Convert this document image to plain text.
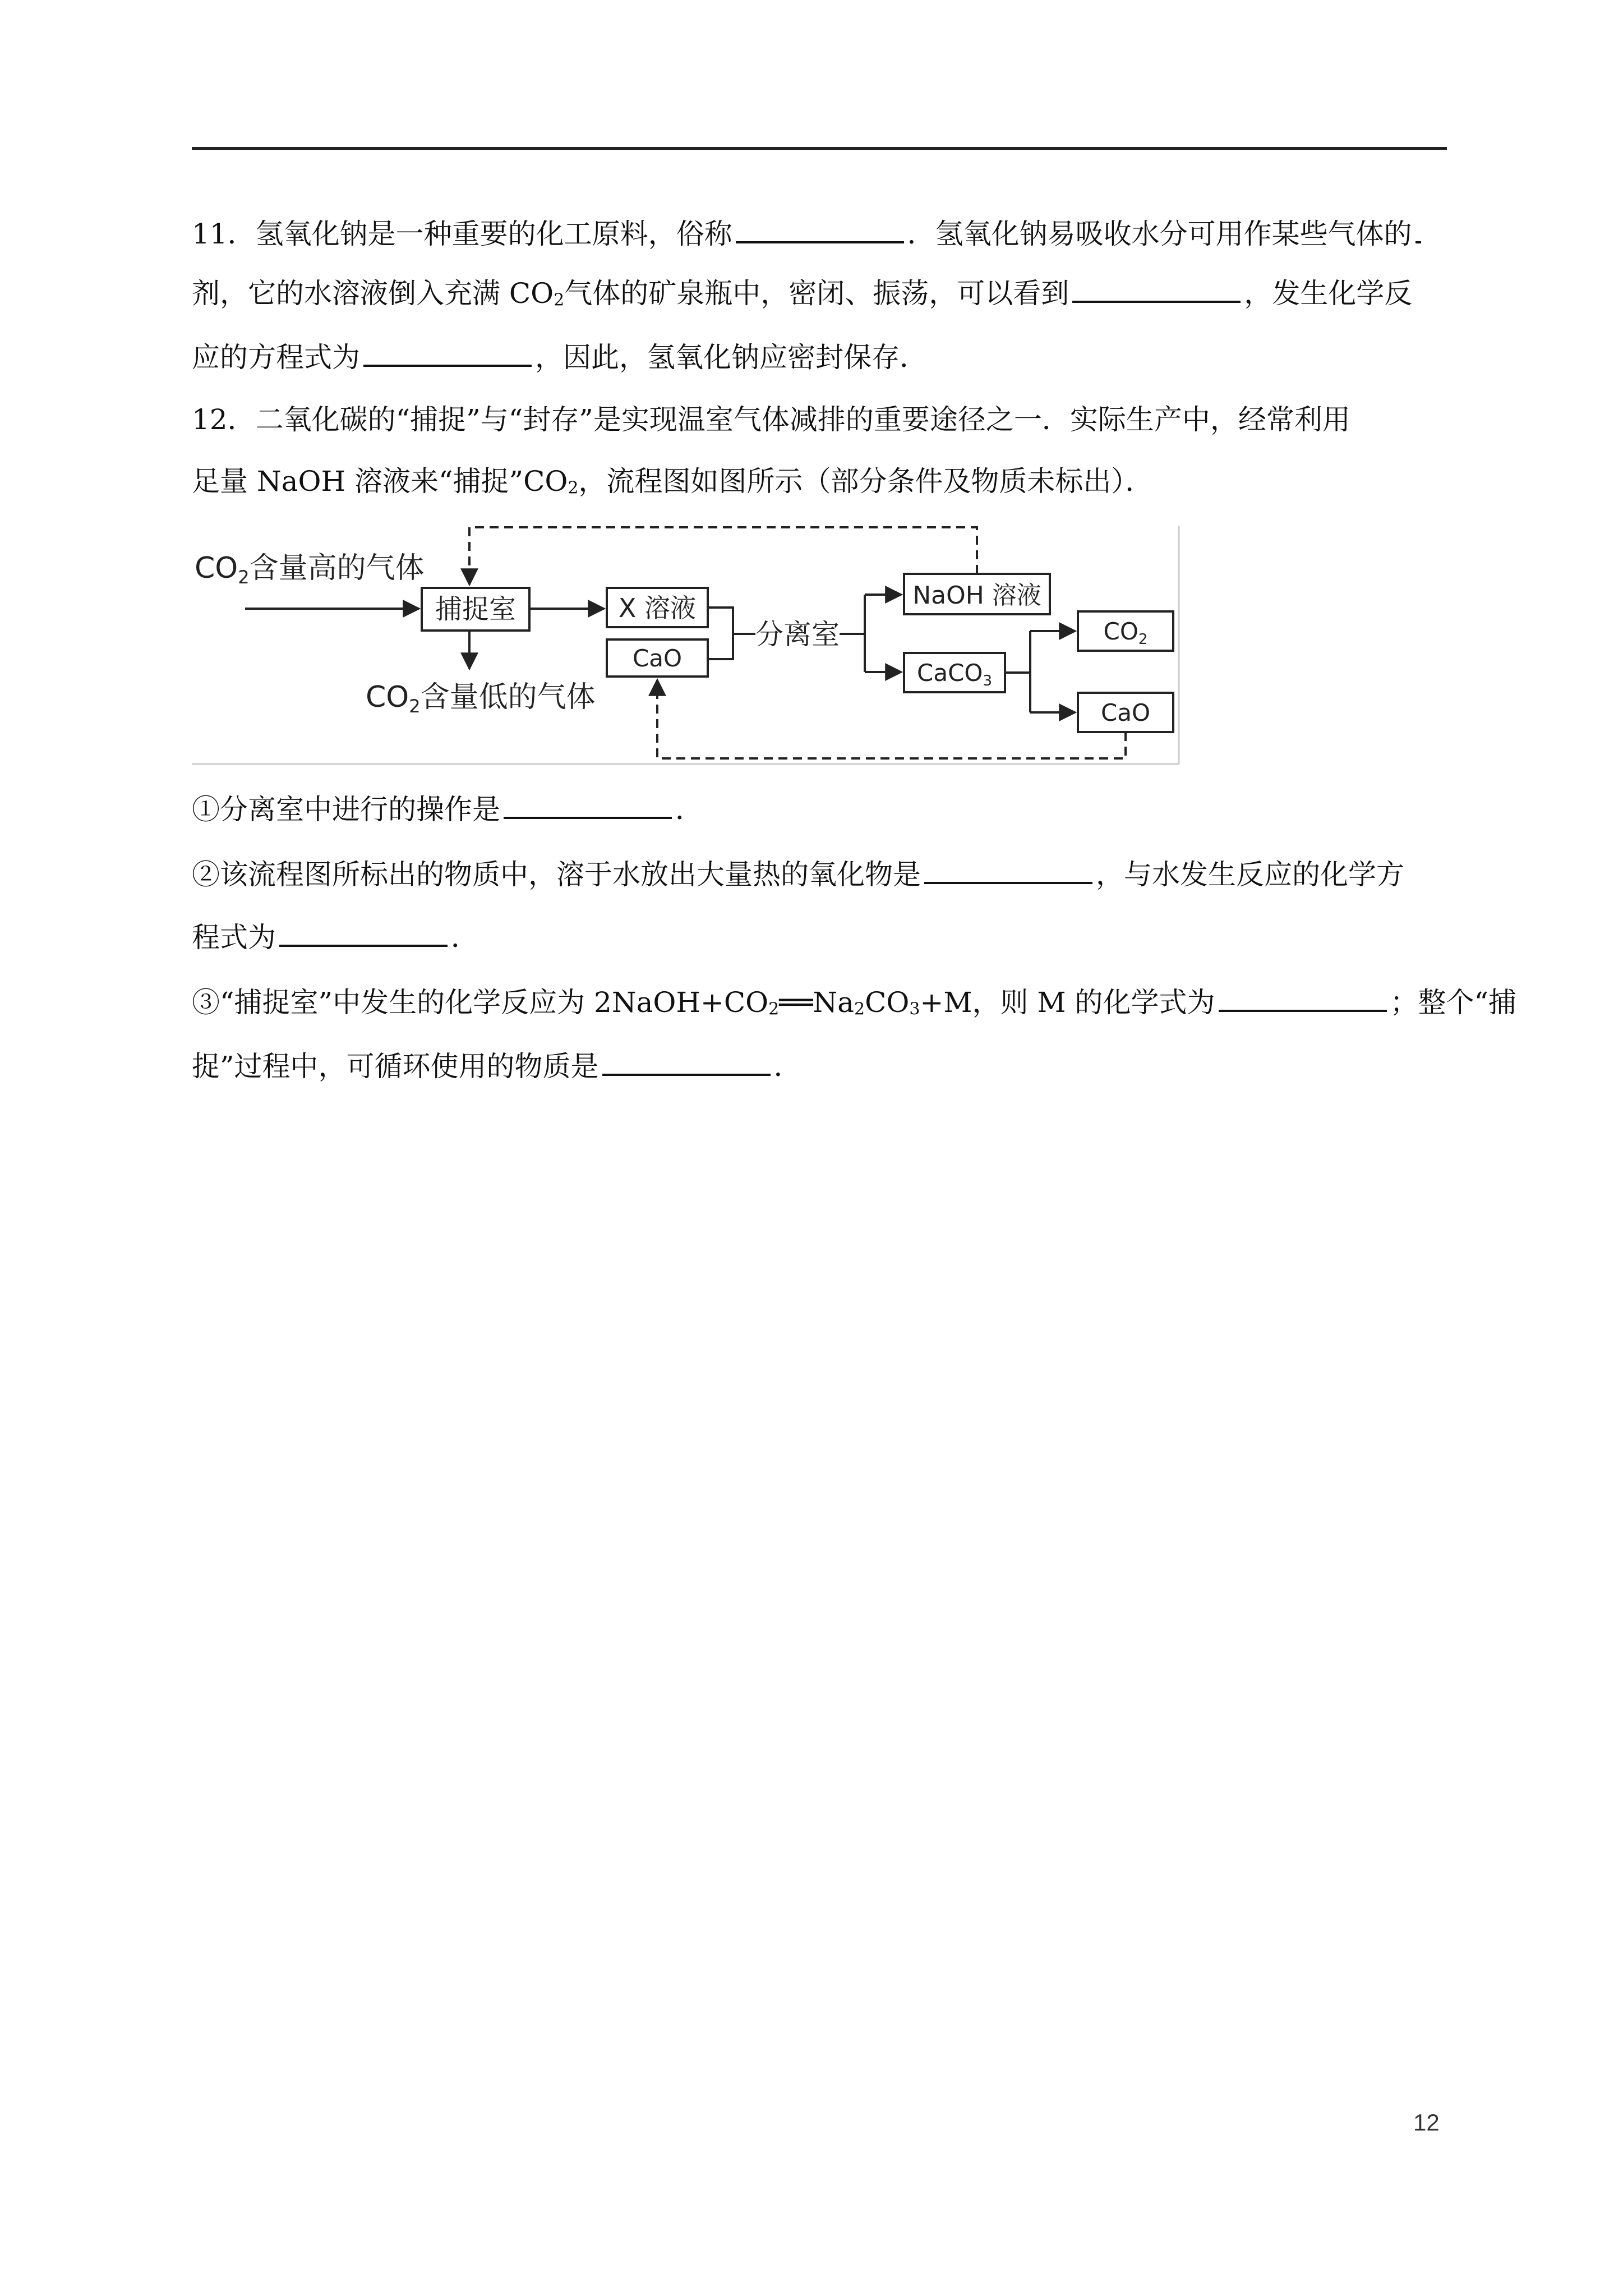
11．氢氧化钠是一种重要的化工原料，俗称	．氢氧化钠易吸收水分可用作某些气体的
剂，它的水溶液倒入充满 $CO_2$气体的矿泉瓶中，密闭、振荡，可以看到	，发生化学反
应的方程式为	，因此，氢氧化钠应密封保存．
12．二氧化碳的“捕捉”与“封存”是实现温室气体减排的重要途径之一．实际生产中，经常利用
足量 NaOH 溶液来“捕捉$”CO_2$，流程图如图所示（部分条件及物质未标出）．
CO2含量高的气体
捕捉室
CO2含量低的气体
X 溶液
CaO
分离室
NaOH 溶液
CaCO3
CO2
CaO
①分离室中进行的操作是	．
②该流程图所标出的物质中，溶于水放出大量热的氧化物是	，与水发生反应的化学方
程式为	．
③“捕捉室”中发生的化学反应为 $2NaOH+CO_2══Na_2CO_3+M$，则 M 的化学式为	；整个“捕
捉”过程中，可循环使用的物质是	．
12
